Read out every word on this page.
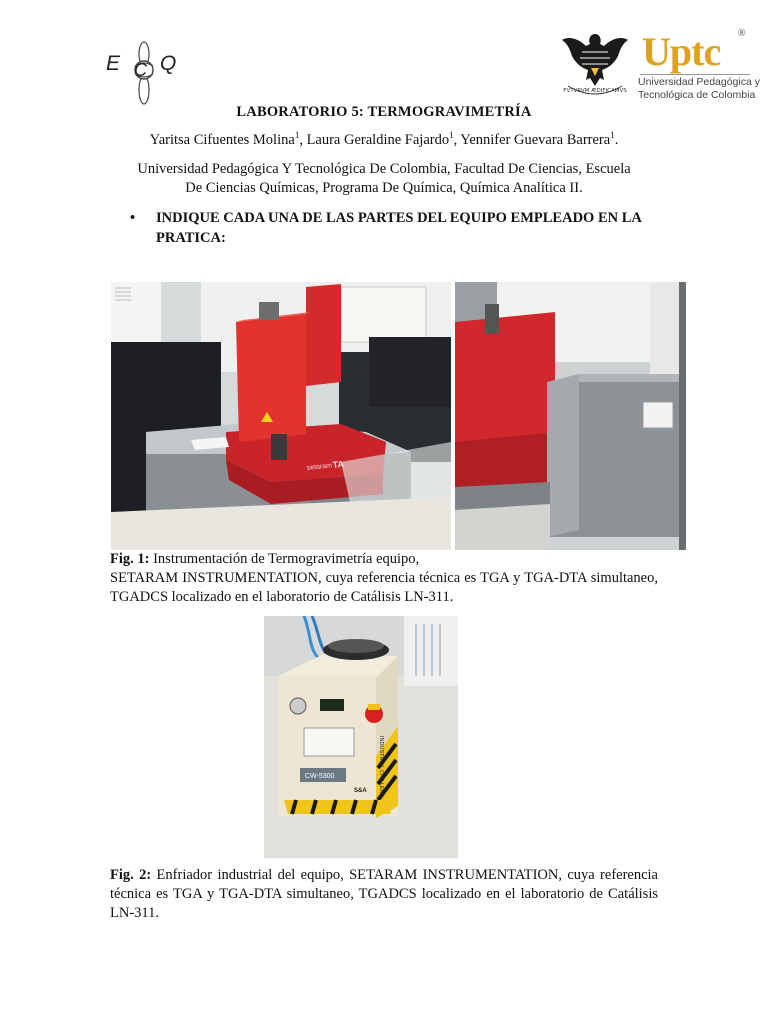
E C Q
FVTVRVM ÆDIFICAMVS
Uptc ®
Universidad Pedagógica y
Tecnológica de Colombia
LABORATORIO 5: TERMOGRAVIMETRÍA
Yaritsa Cifuentes Molina$^1$, Laura Geraldine Fajardo$^1$, Yennifer Guevara Barrera$^1$.
Universidad Pedagógica Y Tecnológica De Colombia, Facultad De Ciencias, Escuela
De Ciencias Químicas, Programa De Química, Química Analítica II.
• INDIQUE CADA UNA DE LAS PARTES DEL EQUIPO EMPLEADO EN LA PRATICA:
setaram TA
Fig. 1: Instrumentación de Termogravimetría equipo,
SETARAM INSTRUMENTATION, cuya referencia técnica es TGA y TGA-DTA simultaneo, TGADCS localizado en el laboratorio de Catálisis LN-311.
INDUSTRIAL CHILLER
CW-5300
S&A
Fig. 2: Enfriador industrial del equipo, SETARAM INSTRUMENTATION, cuya referencia técnica es TGA y TGA-DTA simultaneo, TGADCS localizado en el laboratorio de Catálisis LN-311.
